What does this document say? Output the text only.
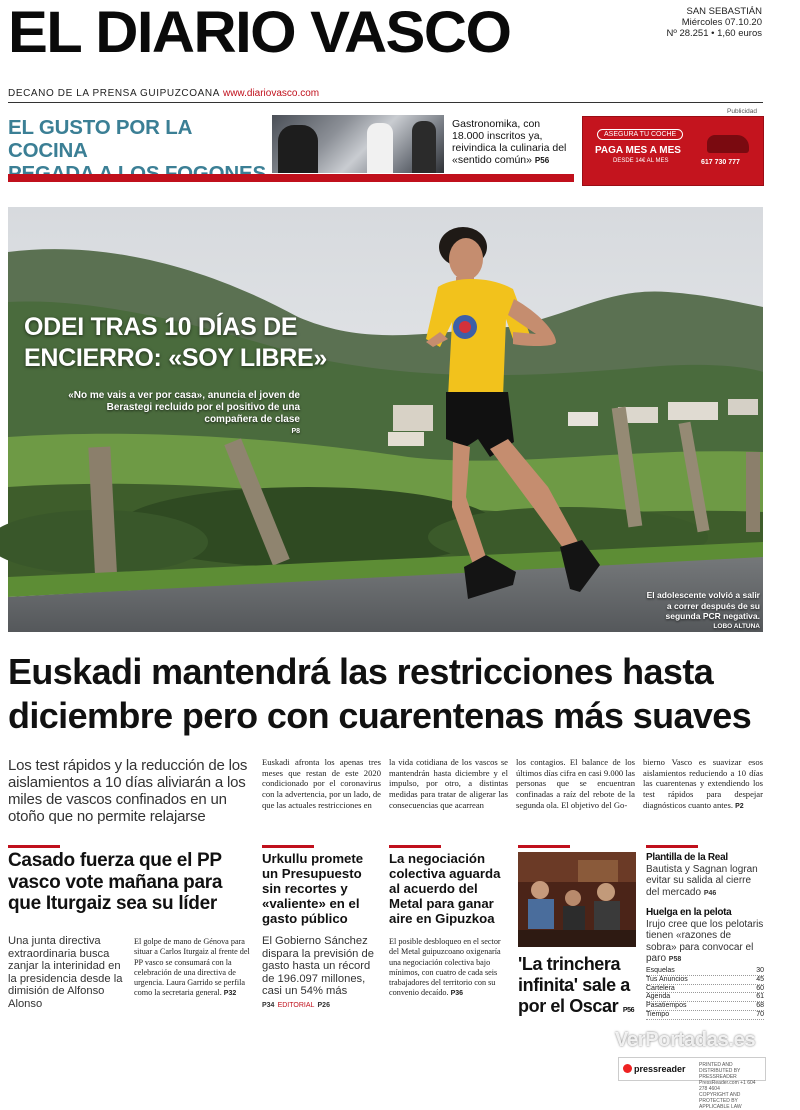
EL DIARIO VASCO	SAN SEBASTIÁN
Miércoles 07.10.20
Nº 28.251 • 1,60 euros
DECANO DE LA PRENSA GUIPUZCOANA www.diariovasco.com
EL GUSTO POR LA COCINA
Gastronomika, con 18.000 inscritos ya, reivindica la culinaria del «sentido común» P56
Publicidad
ASEGURA TU COCHE
PAGA MES A MES
DESDE 14€ AL MES	617 730 777
ODEI TRAS 10 DÍAS DE
ENCIERRO: «SOY LIBRE»
«No me vais a ver por casa», anuncia el joven de Berastegi recluido por el positivo de una compañera de clase
P8
El adolescente volvió a salir a correr después de su segunda PCR negativa.
LOBO ALTUNA
Euskadi mantendrá las restricciones hasta diciembre pero con cuarentenas más suaves
Los test rápidos y la reducción de los aislamientos a 10 días aliviarán a los miles de vascos confinados en un otoño que no permite relajarse
Euskadi afronta los apenas tres meses que restan de este 2020 condicionado por el coronavirus con la advertencia, por un lado, de que las actuales restricciones en
la vida cotidiana de los vascos se mantendrán hasta diciembre y el impulso, por otro, a distintas medidas para tratar de aligerar las consecuencias que acarrean
los contagios. El balance de los últimos días cifra en casi 9.000 las personas que se encuentran confinadas a raíz del rebote de la segunda ola. El objetivo del Go-
bierno Vasco es suavizar esos aislamientos reduciendo a 10 días las cuarentenas y extendiendo los test rápidos para despejar diagnósticos cuanto antes. P2
Casado fuerza que el PP vasco vote mañana para que Iturgaiz sea su líder
Una junta directiva extraordinaria busca zanjar la interinidad en la presidencia desde la dimisión de Alfonso Alonso
El golpe de mano de Génova para situar a Carlos Iturgaiz al frente del PP vasco se consumará con la celebración de una directiva de urgencia. Laura Garrido se perfila como la secretaria general. P32
Urkullu promete un Presupuesto sin recortes y «valiente» en el gasto público
El Gobierno Sánchez dispara la previsión de gasto hasta un récord de 196.097 millones, casi un 54% más
P34 EDITORIAL P26
La negociación colectiva aguarda al acuerdo del Metal para ganar aire en Gipuzkoa
El posible desbloqueo en el sector del Metal guipuzcoano oxigenaría una negociación colectiva bajo mínimos, con cuatro de cada seis trabajadores del territorio con su convenio decaído. P36
'La trinchera infinita' sale a por el Oscar P56
Plantilla de la Real
Bautista y Sagnan logran evitar su salida al cierre del mercado P46
Huelga en la pelota
Irujo cree que los pelotaris tienen «razones de sobra» para convocar el paro P58
Esquelas	30
Tus Anuncios	45
Cartelera	60
Agenda	61
Pasatiempos	68
Tiempo	70
VerPortadas.es
pressreader	PRINTED AND DISTRIBUTED BY PRESSREADER
PressReader.com +1 604 278 4604
COPYRIGHT AND PROTECTED BY APPLICABLE LAW
